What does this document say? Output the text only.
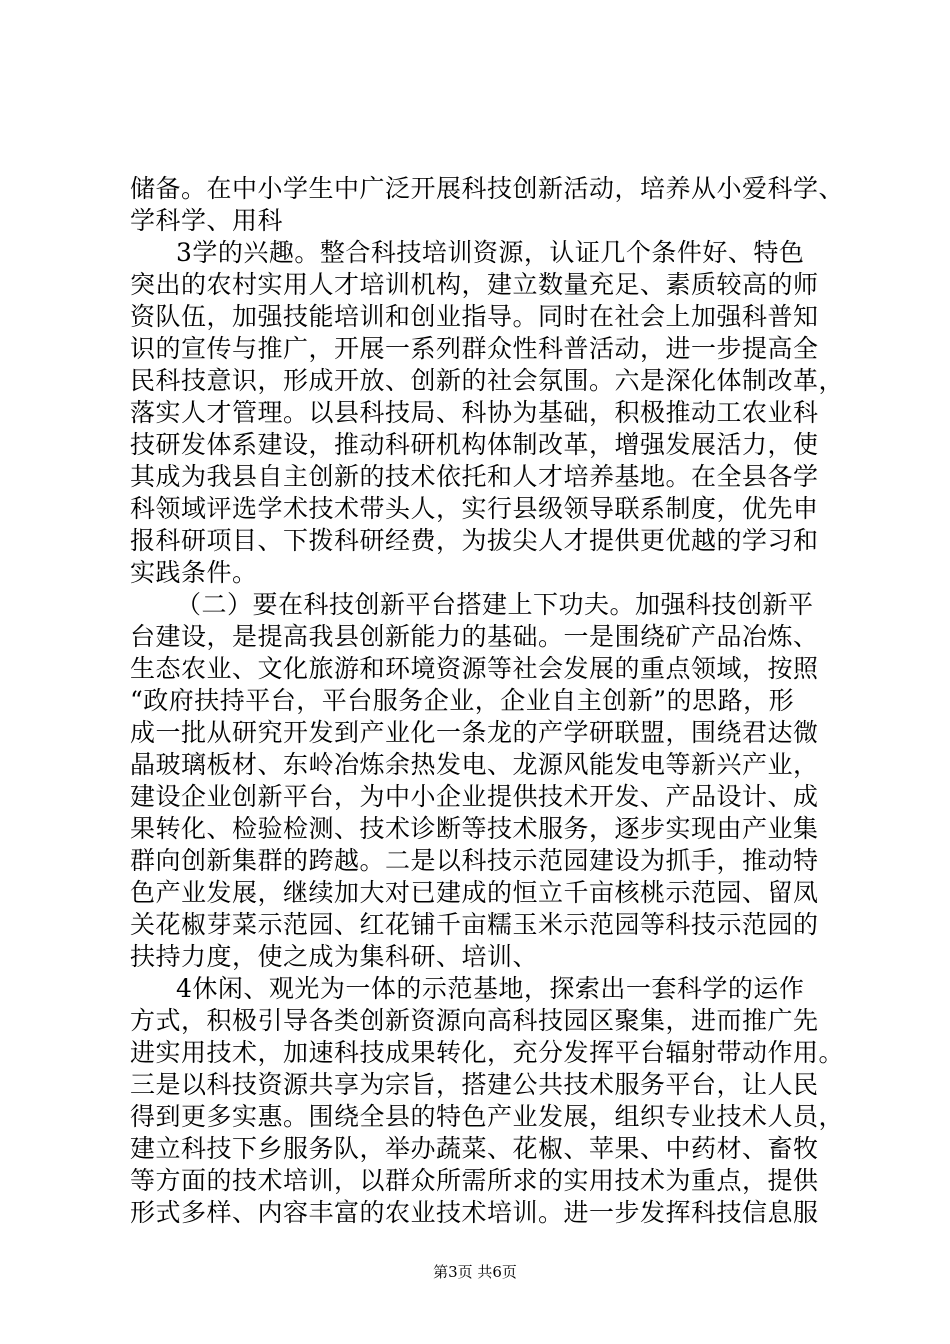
储备。在中小学生中广泛开展科技创新活动，培养从小爱科学、
学科学、用科
3学的兴趣。整合科技培训资源，认证几个条件好、特色
突出的农村实用人才培训机构，建立数量充足、素质较高的师
资队伍，加强技能培训和创业指导。同时在社会上加强科普知
识的宣传与推广，开展一系列群众性科普活动，进一步提高全
民科技意识，形成开放、创新的社会氛围。六是深化体制改革，
落实人才管理。以县科技局、科协为基础，积极推动工农业科
技研发体系建设，推动科研机构体制改革，增强发展活力，使
其成为我县自主创新的技术依托和人才培养基地。在全县各学
科领域评选学术技术带头人，实行县级领导联系制度，优先申
报科研项目、下拨科研经费，为拔尖人才提供更优越的学习和
实践条件。
（二）要在科技创新平台搭建上下功夫。加强科技创新平
台建设，是提高我县创新能力的基础。一是围绕矿产品冶炼、
生态农业、文化旅游和环境资源等社会发展的重点领域，按照
“政府扶持平台，平台服务企业，企业自主创新”的思路，形
成一批从研究开发到产业化一条龙的产学研联盟，围绕君达微
晶玻璃板材、东岭冶炼余热发电、龙源风能发电等新兴产业，
建设企业创新平台，为中小企业提供技术开发、产品设计、成
果转化、检验检测、技术诊断等技术服务，逐步实现由产业集
群向创新集群的跨越。二是以科技示范园建设为抓手，推动特
色产业发展，继续加大对已建成的恒立千亩核桃示范园、留凤
关花椒芽菜示范园、红花铺千亩糯玉米示范园等科技示范园的
扶持力度，使之成为集科研、培训、
4休闲、观光为一体的示范基地，探索出一套科学的运作
方式，积极引导各类创新资源向高科技园区聚集，进而推广先
进实用技术，加速科技成果转化，充分发挥平台辐射带动作用。
三是以科技资源共享为宗旨，搭建公共技术服务平台，让人民
得到更多实惠。围绕全县的特色产业发展，组织专业技术人员，
建立科技下乡服务队，举办蔬菜、花椒、苹果、中药材、畜牧
等方面的技术培训，以群众所需所求的实用技术为重点，提供
形式多样、内容丰富的农业技术培训。进一步发挥科技信息服
第3页 共6页
